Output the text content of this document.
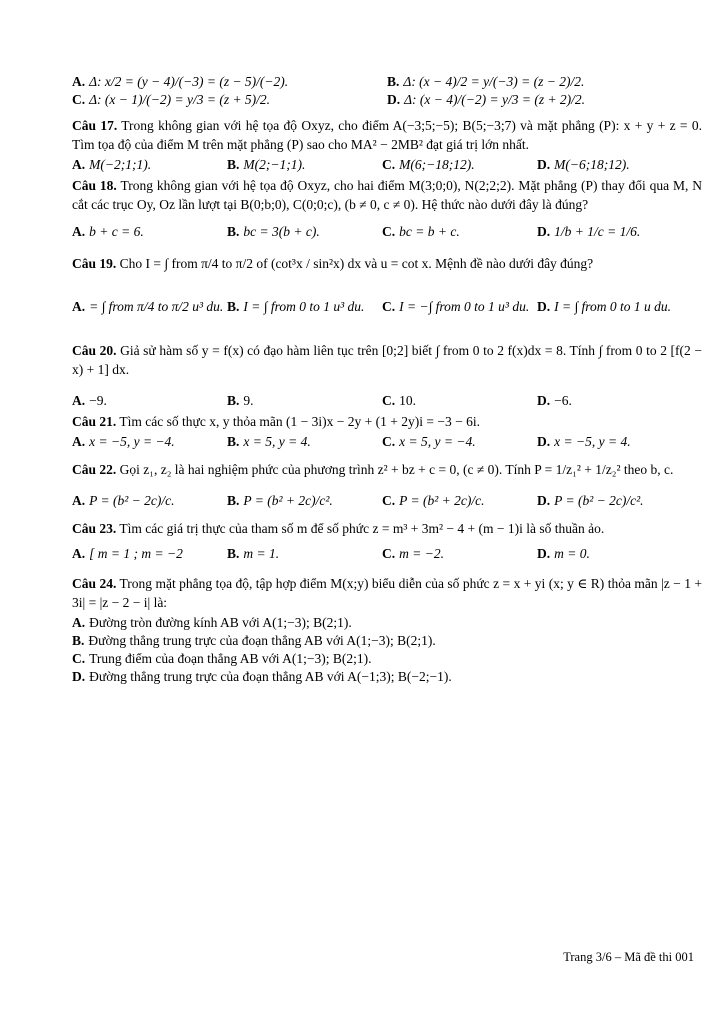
A. Δ: x/2 = (y − 4)/(−3) = (z − 5)/(−2).	B. Δ: (x − 4)/2 = y/(−3) = (z − 2)/2.
C. Δ: (x − 1)/(−2) = y/3 = (z + 5)/2.	D. Δ: (x − 4)/(−2) = y/3 = (z + 2)/2.
Câu 17. Trong không gian với hệ tọa độ Oxyz, cho điểm A(−3;5;−5); B(5;−3;7) và mặt phẳng (P): x + y + z = 0. Tìm tọa độ của điểm M trên mặt phẳng (P) sao cho MA² − 2MB² đạt giá trị lớn nhất.
A. M(−2;1;1).	B. M(2;−1;1).	C. M(6;−18;12).	D. M(−6;18;12).
Câu 18. Trong không gian với hệ tọa độ Oxyz, cho hai điểm M(3;0;0), N(2;2;2). Mặt phẳng (P) thay đổi qua M, N cắt các trục Oy, Oz lần lượt tại B(0;b;0), C(0;0;c), (b ≠ 0, c ≠ 0). Hệ thức nào dưới đây là đúng?
A. b + c = 6.	B. bc = 3(b + c).	C. bc = b + c.	D. 1/b + 1/c = 1/6.
Câu 19. Cho I = ∫ from π/4 to π/2 of (cot³x / sin²x) dx và u = cot x. Mệnh đề nào dưới đây đúng?
A. = ∫ from π/4 to π/2 u³ du. B. I = ∫ from 0 to 1 u³ du.	C. I = −∫ from 0 to 1 u³ du. D. I = ∫ from 0 to 1 u du.
Câu 20. Giả sử hàm số y = f(x) có đạo hàm liên tục trên [0;2] biết ∫ from 0 to 2 f(x)dx = 8. Tính ∫ from 0 to 2 [f(2 − x) + 1] dx.
A. −9.	B. 9.	C. 10.	D. −6.
Câu 21. Tìm các số thực x, y thỏa mãn (1 − 3i)x − 2y + (1 + 2y)i = −3 − 6i.
A. x = −5, y = −4.	B. x = 5, y = 4.	C. x = 5, y = −4.	D. x = −5, y = 4.
Câu 22. Gọi z₁, z₂ là hai nghiệm phức của phương trình z² + bz + c = 0, (c ≠ 0). Tính P = 1/z₁² + 1/z₂² theo b, c.
A. P = (b² − 2c)/c.	B. P = (b² + 2c)/c².	C. P = (b² + 2c)/c.	D. P = (b² − 2c)/c².
Câu 23. Tìm các giá trị thực của tham số m để số phức z = m³ + 3m² − 4 + (m − 1)i là số thuần ảo.
A. [ m = 1 ; m = −2	B. m = 1.	C. m = −2.	D. m = 0.
Câu 24. Trong mặt phẳng tọa độ, tập hợp điểm M(x;y) biểu diễn của số phức z = x + yi (x; y ∈ R) thỏa mãn |z − 1 + 3i| = |z − 2 − i| là:
A. Đường tròn đường kính AB với A(1;−3); B(2;1).
B. Đường thẳng trung trực của đoạn thẳng AB với A(1;−3); B(2;1).
C. Trung điểm của đoạn thẳng AB với A(1;−3); B(2;1).
D. Đường thẳng trung trực của đoạn thẳng AB với A(−1;3); B(−2;−1).
Trang 3/6 – Mã đề thi 001
